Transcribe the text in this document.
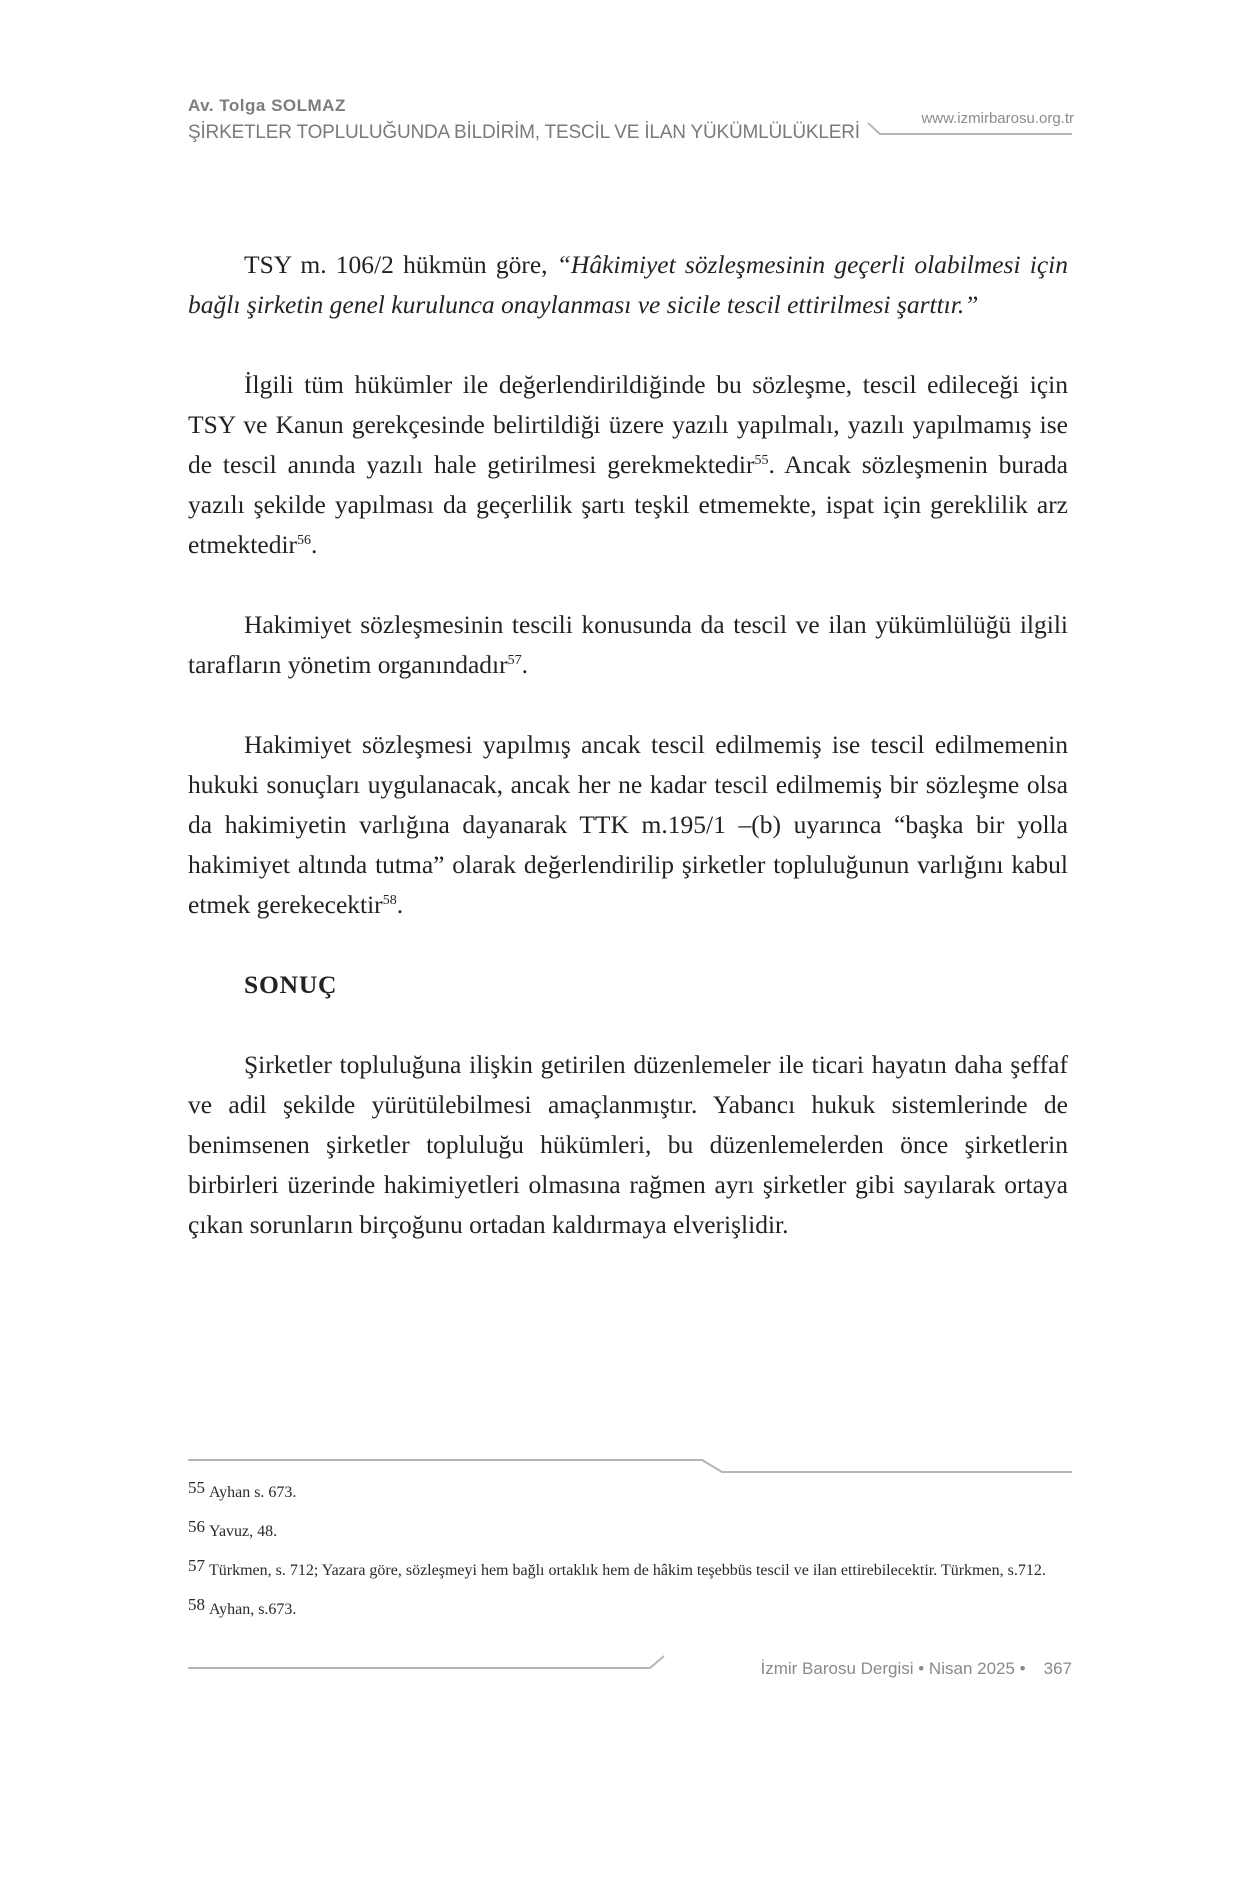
Av. Tolga SOLMAZ
ŞİRKETLER TOPLULUĞUNDA BİLDİRİM, TESCİL VE İLAN YÜKÜMLÜLÜKLERİ
www.izmirbarosu.org.tr

TSY m. 106/2 hükmün göre, “Hâkimiyet sözleşmesinin geçerli olabilmesi için bağlı şirketin genel kurulunca onaylanması ve sicile tescil ettirilmesi şarttır.”

İlgili tüm hükümler ile değerlendirildiğinde bu sözleşme, tescil edileceği için TSY ve Kanun gerekçesinde belirtildiği üzere yazılı yapılmalı, yazılı yapılmamış ise de tescil anında yazılı hale getirilmesi gerekmektedir$^{55}$. Ancak sözleşmenin burada yazılı şekilde yapılması da geçerlilik şartı teşkil etmemekte, ispat için gereklilik arz etmektedir$^{56}$.

Hakimiyet sözleşmesinin tescili konusunda da tescil ve ilan yükümlülüğü ilgili tarafların yönetim organındadır$^{57}$.

Hakimiyet sözleşmesi yapılmış ancak tescil edilmemiş ise tescil edilmemenin hukuki sonuçları uygulanacak, ancak her ne kadar tescil edilmemiş bir sözleşme olsa da hakimiyetin varlığına dayanarak TTK m.195/1 –(b) uyarınca “başka bir yolla hakimiyet altında tutma” olarak değerlendirilip şirketler topluluğunun varlığını kabul etmek gerekecektir$^{58}$.

SONUÇ

Şirketler topluluğuna ilişkin getirilen düzenlemeler ile ticari hayatın daha şeffaf ve adil şekilde yürütülebilmesi amaçlanmıştır. Yabancı hukuk sistemlerinde de benimsenen şirketler topluluğu hükümleri, bu düzenlemelerden önce şirketlerin birbirleri üzerinde hakimiyetleri olmasına rağmen ayrı şirketler gibi sayılarak ortaya çıkan sorunların birçoğunu ortadan kaldırmaya elverişlidir.

55 Ayhan s. 673.
56 Yavuz, 48.
57 Türkmen, s. 712; Yazara göre, sözleşmeyi hem bağlı ortaklık hem de hâkim teşebbüs tescil ve ilan ettirebilecektir. Türkmen, s.712.
58 Ayhan, s.673.
İzmir Barosu Dergisi • Nisan 2025 • 367
